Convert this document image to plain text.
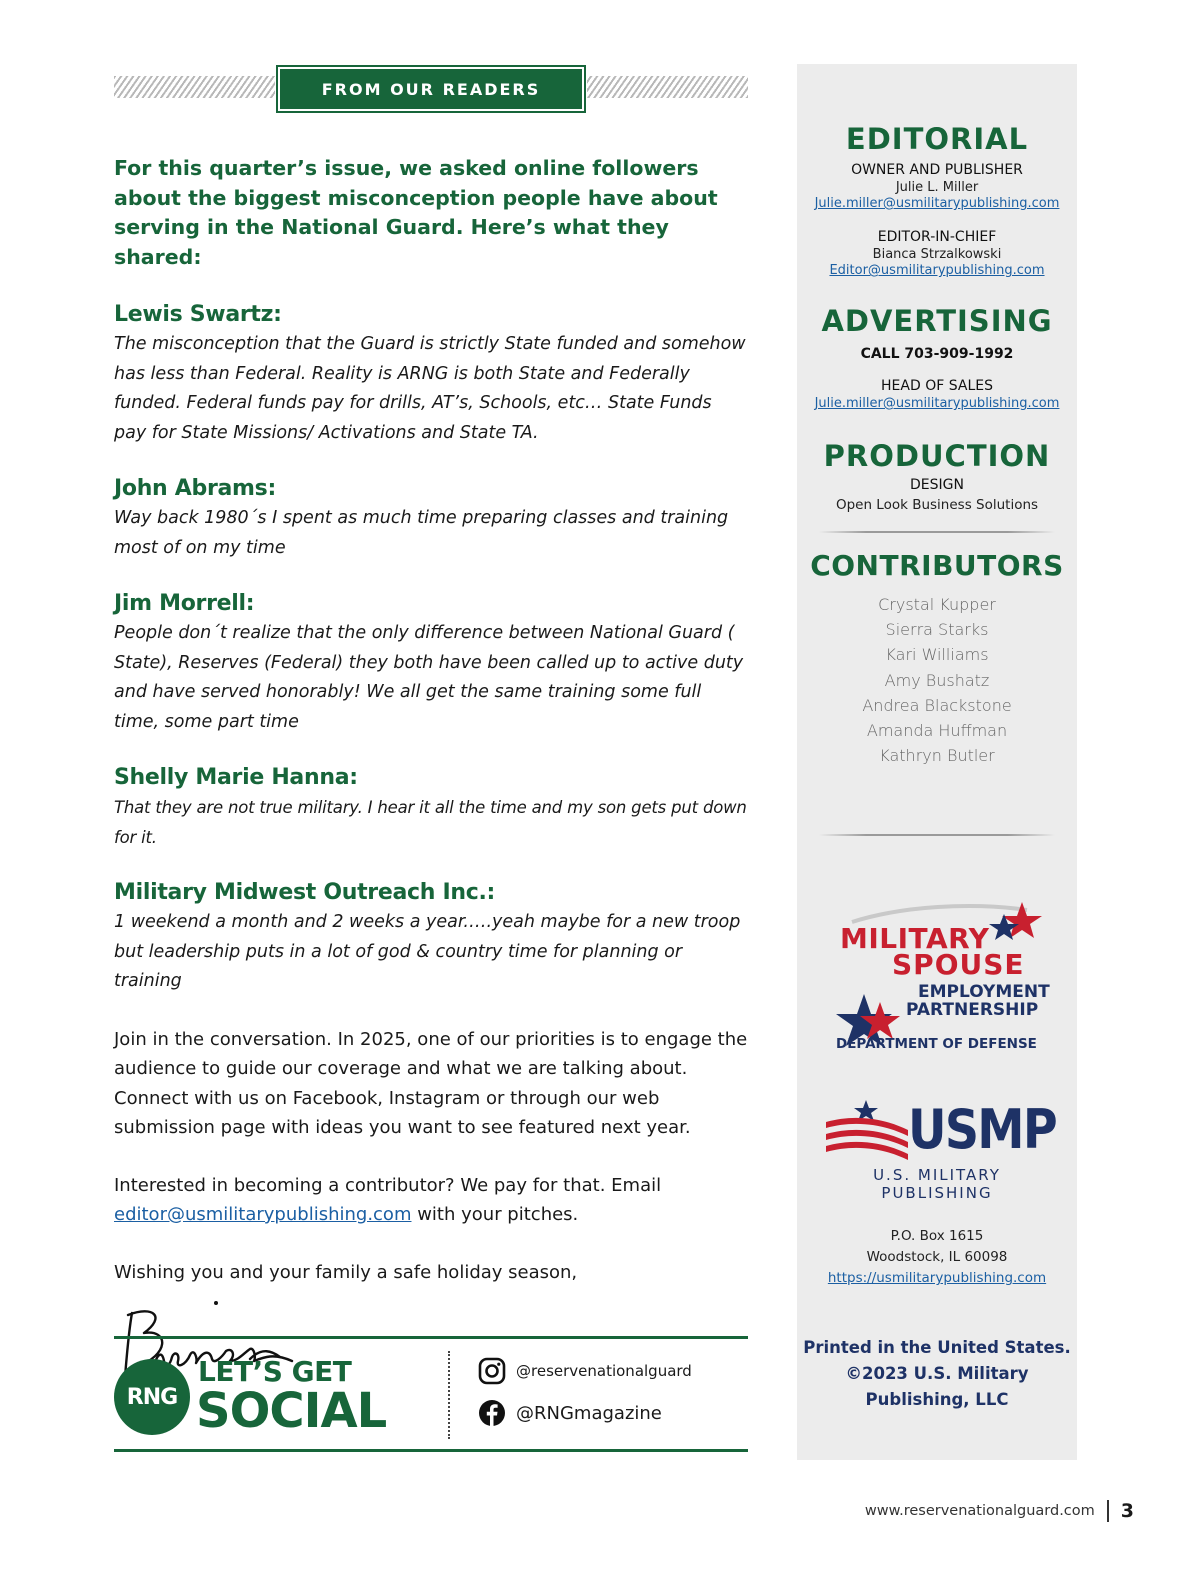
FROM OUR READERS

For this quarter’s issue, we asked online followers about the biggest misconception people have about serving in the National Guard. Here’s what they shared:

Lewis Swartz:

The misconception that the Guard is strictly State funded and somehow has less than Federal. Reality is ARNG is both State and Federally funded. Federal funds pay for drills, AT’s, Schools, etc… State Funds pay for State Missions/ Activations and State TA.

John Abrams:

Way back 1980´s I spent as much time preparing classes and training most of on my time

Jim Morrell:

People don´t realize that the only difference between National Guard ( State), Reserves (Federal) they both have been called up to active duty and have served honorably! We all get the same training some full time, some part time

Shelly Marie Hanna:

That they are not true military. I hear it all the time and my son gets put down for it.

Military Midwest Outreach Inc.:

1 weekend a month and 2 weeks a year.….yeah maybe for a new troop but leadership puts in a lot of god & country time for planning or training

Join in the conversation. In 2025, one of our priorities is to engage the audience to guide our coverage and what we are talking about. Connect with us on Facebook, Instagram or through our web submission page with ideas you want to see featured next year.

Interested in becoming a contributor? We pay for that. Email editor@usmilitarypublishing.com with your pitches.

Wishing you and your family a safe holiday season,

RNG
LET’S GET
SOCIAL
@reservenationalguard
@RNGmagazine
EDITORIAL
OWNER AND PUBLISHER
Julie L. Miller
Julie.miller@usmilitarypublishing.com
EDITOR-IN-CHIEF
Bianca Strzalkowski
Editor@usmilitarypublishing.com
ADVERTISING
CALL 703-909-1992
HEAD OF SALES
Julie.miller@usmilitarypublishing.com
PRODUCTION
DESIGN
Open Look Business Solutions
CONTRIBUTORS
Crystal Kupper
Sierra Starks
Kari Williams
Amy Bushatz
Andrea Blackstone
Amanda Huffman
Kathryn Butler
MILITARY
SPOUSE
EMPLOYMENT
PARTNERSHIP
DEPARTMENT OF DEFENSE
USMP
U.S. MILITARY PUBLISHING
P.O. Box 1615
Woodstock, IL 60098
https://usmilitarypublishing.com
Printed in the United States.
©2023 U.S. Military Publishing, LLC
www.reservenationalguard.com 3
